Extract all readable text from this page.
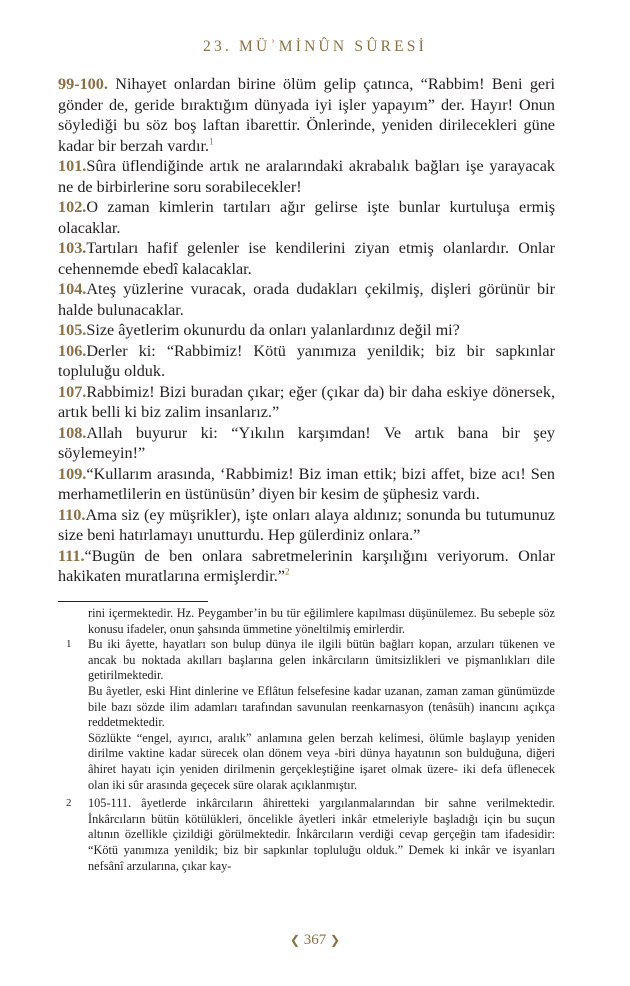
23. MÜʾMİNÛN SÛRESİ

99-100. Nihayet onlardan birine ölüm gelip çatınca, “Rabbim! Beni geri gönder de, geride bıraktığım dünyada iyi işler yapayım” der. Hayır! Onun söylediği bu söz boş laftan ibarettir. Önlerinde, yeniden dirilecekleri güne kadar bir berzah vardır.$^1$

101.Sûra üflendiğinde artık ne aralarındaki akrabalık bağları işe yarayacak ne de birbirlerine soru sorabilecekler!

102.O zaman kimlerin tartıları ağır gelirse işte bunlar kurtuluşa ermiş olacaklar.

103.Tartıları hafif gelenler ise kendilerini ziyan etmiş olanlardır. Onlar cehennemde ebedî kalacaklar.

104.Ateş yüzlerine vuracak, orada dudakları çekilmiş, dişleri görünür bir halde bulunacaklar.

105.Size âyetlerim okunurdu da onları yalanlardınız değil mi?

106.Derler ki: “Rabbimiz! Kötü yanımıza yenildik; biz bir sapkınlar topluluğu olduk.

107.Rabbimiz! Bizi buradan çıkar; eğer (çıkar da) bir daha eskiye dönersek, artık belli ki biz zalim insanlarız.”

108.Allah buyurur ki: “Yıkılın karşımdan! Ve artık bana bir şey söylemeyin!”

109.“Kullarım arasında, ‘Rabbimiz! Biz iman ettik; bizi affet, bize acı! Sen merhametlilerin en üstünüsün’ diyen bir kesim de şüphesiz vardı.

110.Ama siz (ey müşrikler), işte onları alaya aldınız; sonunda bu tutumunuz size beni hatırlamayı unutturdu. Hep gülerdiniz onlara.”

111.“Bugün de ben onlara sabretmelerinin karşılığını veriyorum. Onlar hakikaten muratlarına ermişlerdir.”$^2$

rini içermektedir. Hz. Peygamber’in bu tür eğilimlere kapılması düşünülemez. Bu sebeple söz konusu ifadeler, onun şahsında ümmetine yöneltilmiş emirlerdir.

1 Bu iki âyette, hayatları son bulup dünya ile ilgili bütün bağları kopan, arzuları tükenen ve ancak bu noktada akılları başlarına gelen inkârcıların ümitsizlikleri ve pişmanlıkları dile getirilmektedir.

Bu âyetler, eski Hint dinlerine ve Eflâtun felsefesine kadar uzanan, zaman zaman günümüzde bile bazı sözde ilim adamları tarafından savunulan reenkarnasyon (tenâsüh) inancını açıkça reddetmektedir.

Sözlükte “engel, ayırıcı, aralık” anlamına gelen berzah kelimesi, ölümle başlayıp yeniden dirilme vaktine kadar sürecek olan dönem veya -biri dünya hayatının son bulduğuna, diğeri âhiret hayatı için yeniden dirilmenin gerçekleştiğine işaret olmak üzere- iki defa üflenecek olan iki sûr arasında geçecek süre olarak açıklanmıştır.

2 105-111. âyetlerde inkârcıların âhiretteki yargılanmalarından bir sahne verilmektedir. İnkârcıların bütün kötülükleri, öncelikle âyetleri inkâr etmeleriyle başladığı için bu suçun altının özellikle çizildiği görülmektedir. İnkârcıların verdiği cevap gerçeğin tam ifadesidir: “Kötü yanımıza yenildik; biz bir sapkınlar topluluğu olduk.” Demek ki inkâr ve isyanları nefsânî arzularına, çıkar kay-

❮ 367 ❯
